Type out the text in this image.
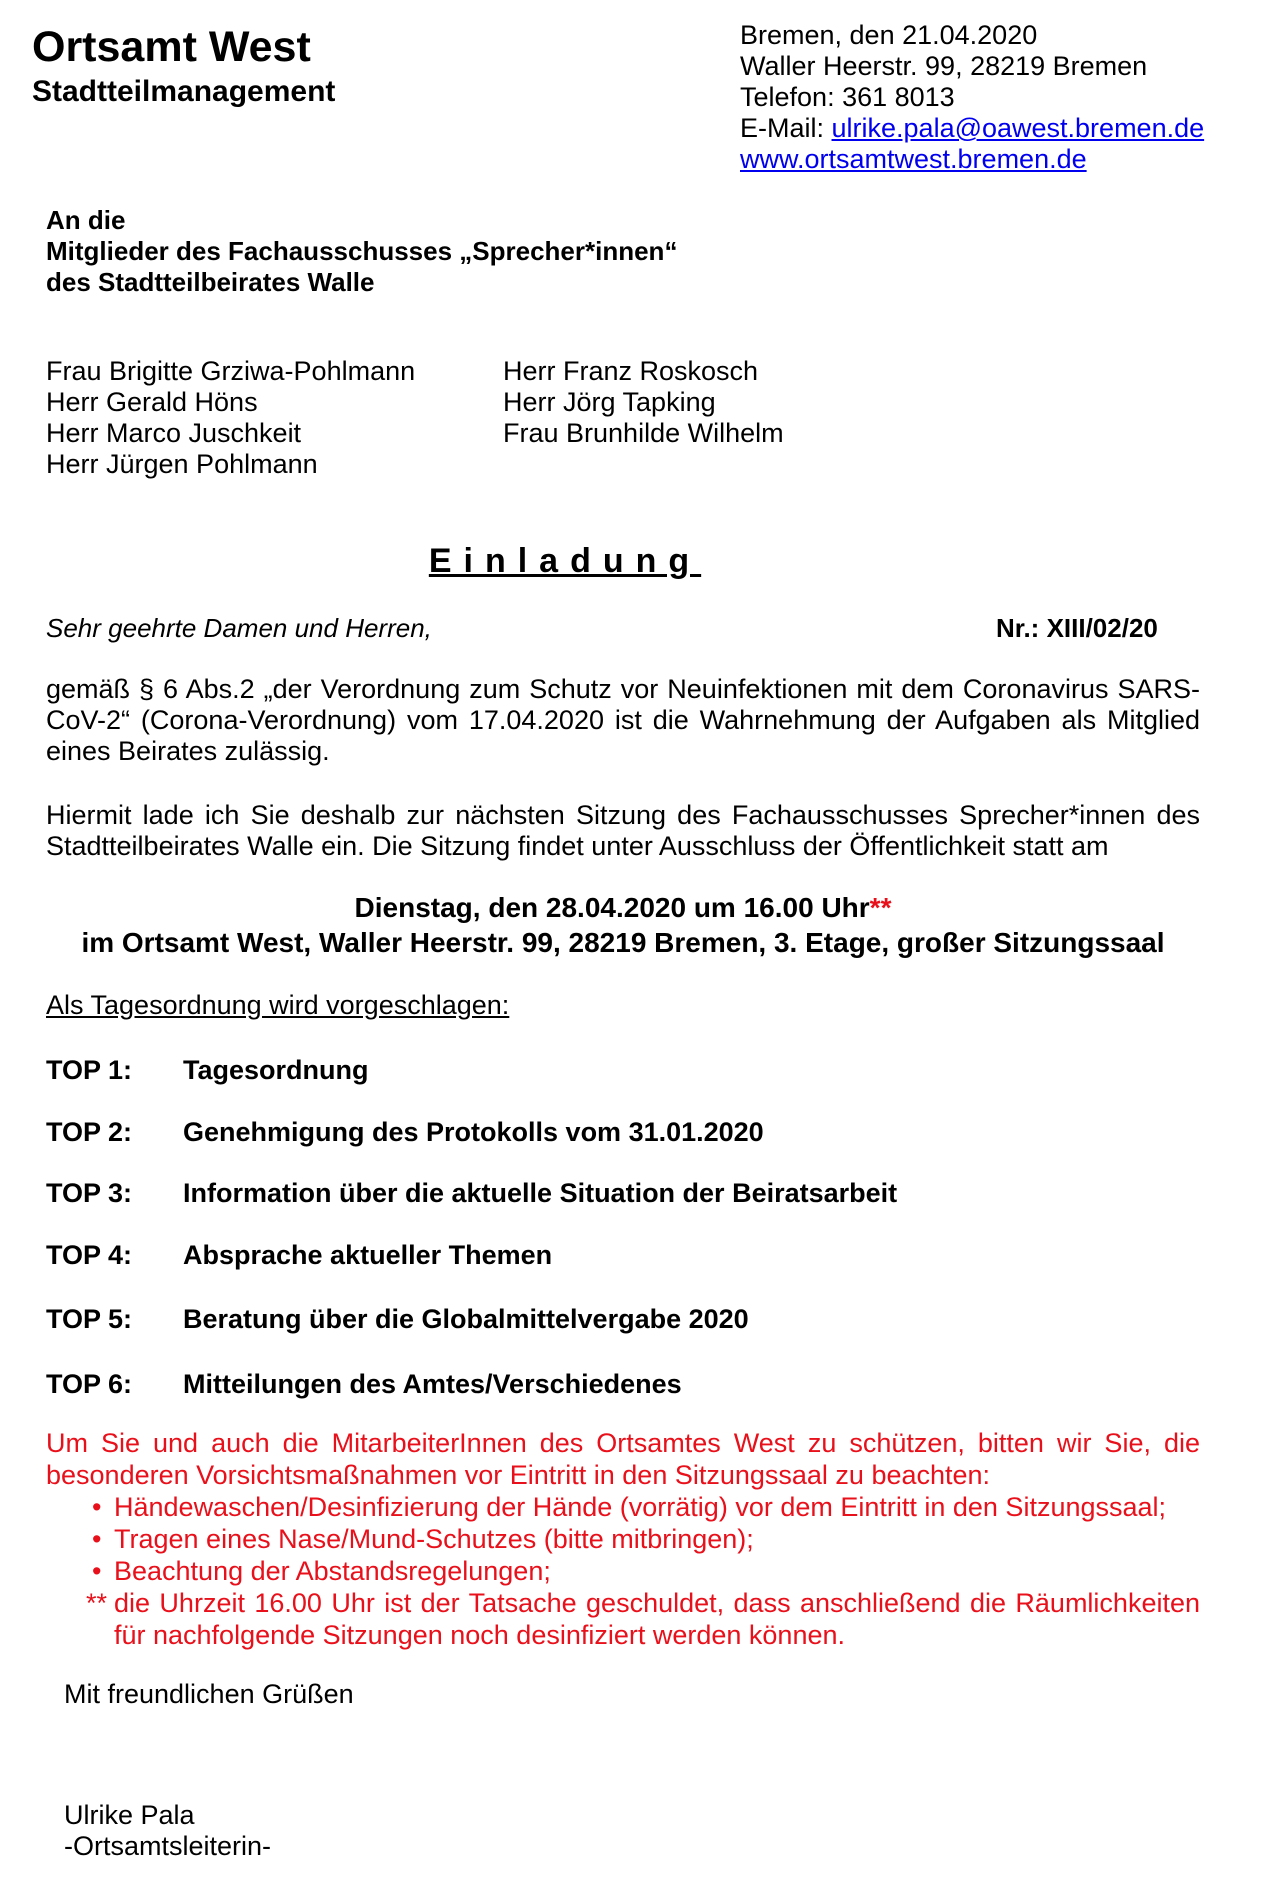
Ortsamt West
Stadtteilmanagement
Bremen, den 21.04.2020
Waller Heerstr. 99, 28219 Bremen
Telefon: 361 8013
E-Mail: ulrike.pala@oawest.bremen.de
www.ortsamtwest.bremen.de
An die
Mitglieder des Fachausschusses „Sprecher*innen“
des Stadtteilbeirates Walle
Frau Brigitte Grziwa-Pohlmann
Herr Gerald Höns
Herr Marco Juschkeit
Herr Jürgen Pohlmann
Herr Franz Roskosch
Herr Jörg Tapking
Frau Brunhilde Wilhelm
Einladung
Sehr geehrte Damen und Herren,	Nr.: XIII/02/20
gemäß § 6 Abs.2 „der Verordnung zum Schutz vor Neuinfektionen mit dem Coronavirus SARS-CoV-2“ (Corona-Verordnung) vom 17.04.2020 ist die Wahrnehmung der Aufgaben als Mitglied eines Beirates zulässig.
Hiermit lade ich Sie deshalb zur nächsten Sitzung des Fachausschusses Sprecher*innen des Stadtteilbeirates Walle ein. Die Sitzung findet unter Ausschluss der Öffentlichkeit statt am
Dienstag, den 28.04.2020 um 16.00 Uhr**
im Ortsamt West, Waller Heerstr. 99, 28219 Bremen, 3. Etage, großer Sitzungssaal
Als Tagesordnung wird vorgeschlagen:
TOP 1: Tagesordnung
TOP 2: Genehmigung des Protokolls vom 31.01.2020
TOP 3: Information über die aktuelle Situation der Beiratsarbeit
TOP 4: Absprache aktueller Themen
TOP 5: Beratung über die Globalmittelvergabe 2020
TOP 6: Mitteilungen des Amtes/Verschiedenes
Um Sie und auch die MitarbeiterInnen des Ortsamtes West zu schützen, bitten wir Sie, die besonderen Vorsichtsmaßnahmen vor Eintritt in den Sitzungssaal zu beachten:
• Händewaschen/Desinfizierung der Hände (vorrätig) vor dem Eintritt in den Sitzungssaal;
• Tragen eines Nase/Mund-Schutzes (bitte mitbringen);
• Beachtung der Abstandsregelungen;
** die Uhrzeit 16.00 Uhr ist der Tatsache geschuldet, dass anschließend die Räumlichkeiten für nachfolgende Sitzungen noch desinfiziert werden können.
Mit freundlichen Grüßen
Ulrike Pala
-Ortsamtsleiterin-
